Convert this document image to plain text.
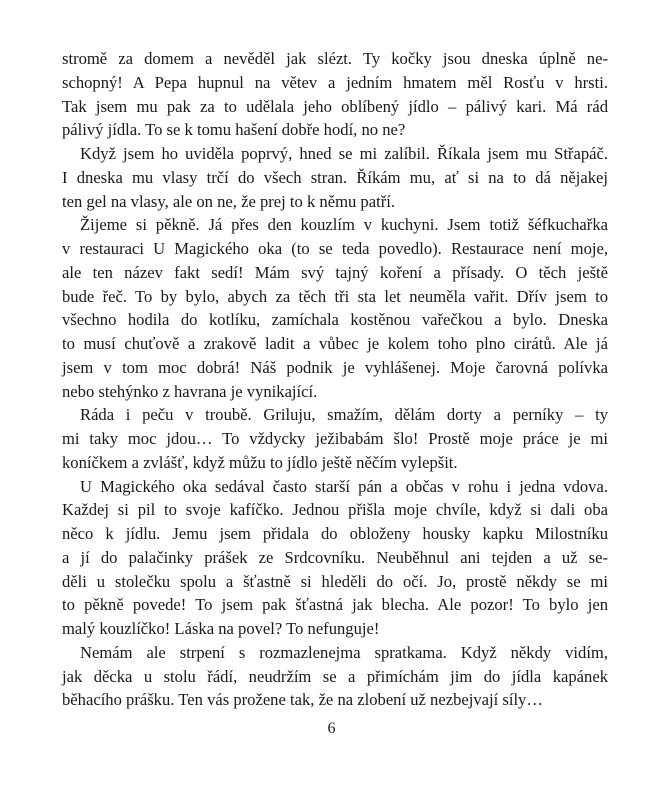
stromě za domem a nevěděl jak slézt. Ty kočky jsou dneska úplně ne-
schopný! A Pepa hupnul na větev a jedním hmatem měl Rosťu v hrsti.
Tak jsem mu pak za to udělala jeho oblíbený jídlo – pálivý kari. Má rád
pálivý jídla. To se k tomu hašení dobře hodí, no ne?

Když jsem ho uviděla poprvý, hned se mi zalíbil. Říkala jsem mu Střapáč.
I dneska mu vlasy trčí do všech stran. Říkám mu, ať si na to dá nějakej
ten gel na vlasy, ale on ne, že prej to k němu patří.

Žijeme si pěkně. Já přes den kouzlím v kuchyni. Jsem totiž šéfkuchařka
v restauraci U Magického oka (to se teda povedlo). Restaurace není moje,
ale ten název fakt sedí! Mám svý tajný koření a přísady. O těch ještě
bude řeč. To by bylo, abych za těch tři sta let neuměla vařit. Dřív jsem to
všechno hodila do kotlíku, zamíchala kostěnou vařečkou a bylo. Dneska
to musí chuťově a zrakově ladit a vůbec je kolem toho plno cirátů. Ale já
jsem v tom moc dobrá! Náš podnik je vyhlášenej. Moje čarovná polívka
nebo stehýnko z havrana je vynikající.

Ráda i peču v troubě. Griluju, smažím, dělám dorty a perníky – ty
mi taky moc jdou… To vždycky ježibabám šlo! Prostě moje práce je mi
koníčkem a zvlášť, když můžu to jídlo ještě něčím vylepšit.

U Magického oka sedával často starší pán a občas v rohu i jedna vdova.
Každej si pil to svoje kafíčko. Jednou přišla moje chvíle, když si dali oba
něco k jídlu. Jemu jsem přidala do obloženy housky kapku Milostníku
a jí do palačinky prášek ze Srdcovníku. Neuběhnul ani tejden a už se-
děli u stolečku spolu a šťastně si hleděli do očí. Jo, prostě někdy se mi
to pěkně povede! To jsem pak šťastná jak blecha. Ale pozor! To bylo jen
malý kouzlíčko! Láska na povel? To nefunguje!

Nemám ale strpení s rozmazlenejma spratkama. Když někdy vidím,
jak děcka u stolu řádí, neudržím se a přimíchám jim do jídla kapánek
běhacího prášku. Ten vás prožene tak, že na zlobení už nezbejvají síly…

6
